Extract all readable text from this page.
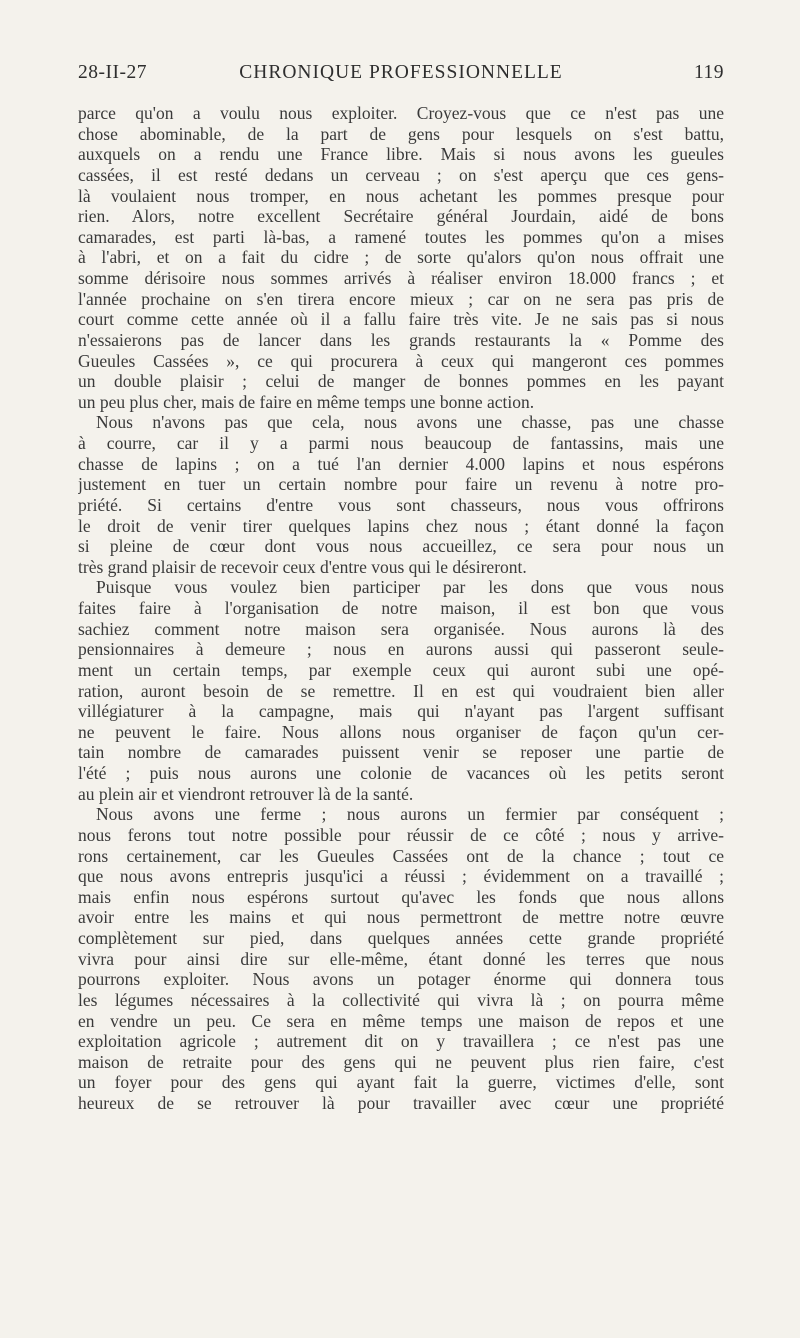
28-II-27	CHRONIQUE PROFESSIONNELLE	119
parce qu'on a voulu nous exploiter. Croyez-vous que ce n'est pas une
chose abominable, de la part de gens pour lesquels on s'est battu,
auxquels on a rendu une France libre. Mais si nous avons les gueules
cassées, il est resté dedans un cerveau ; on s'est aperçu que ces gens-
là voulaient nous tromper, en nous achetant les pommes presque pour
rien. Alors, notre excellent Secrétaire général Jourdain, aidé de bons
camarades, est parti là-bas, a ramené toutes les pommes qu'on a mises
à l'abri, et on a fait du cidre ; de sorte qu'alors qu'on nous offrait une
somme dérisoire nous sommes arrivés à réaliser environ 18.000 francs ; et
l'année prochaine on s'en tirera encore mieux ; car on ne sera pas pris de
court comme cette année où il a fallu faire très vite. Je ne sais pas si nous
n'essaierons pas de lancer dans les grands restaurants la « Pomme des
Gueules Cassées », ce qui procurera à ceux qui mangeront ces pommes
un double plaisir ; celui de manger de bonnes pommes en les payant
un peu plus cher, mais de faire en même temps une bonne action.
Nous n'avons pas que cela, nous avons une chasse, pas une chasse
à courre, car il y a parmi nous beaucoup de fantassins, mais une
chasse de lapins ; on a tué l'an dernier 4.000 lapins et nous espérons
justement en tuer un certain nombre pour faire un revenu à notre pro-
priété. Si certains d'entre vous sont chasseurs, nous vous offrirons
le droit de venir tirer quelques lapins chez nous ; étant donné la façon
si pleine de cœur dont vous nous accueillez, ce sera pour nous un
très grand plaisir de recevoir ceux d'entre vous qui le désireront.
Puisque vous voulez bien participer par les dons que vous nous
faites faire à l'organisation de notre maison, il est bon que vous
sachiez comment notre maison sera organisée. Nous aurons là des
pensionnaires à demeure ; nous en aurons aussi qui passeront seule-
ment un certain temps, par exemple ceux qui auront subi une opé-
ration, auront besoin de se remettre. Il en est qui voudraient bien aller
villégiaturer à la campagne, mais qui n'ayant pas l'argent suffisant
ne peuvent le faire. Nous allons nous organiser de façon qu'un cer-
tain nombre de camarades puissent venir se reposer une partie de
l'été ; puis nous aurons une colonie de vacances où les petits seront
au plein air et viendront retrouver là de la santé.
Nous avons une ferme ; nous aurons un fermier par conséquent ;
nous ferons tout notre possible pour réussir de ce côté ; nous y arrive-
rons certainement, car les Gueules Cassées ont de la chance ; tout ce
que nous avons entrepris jusqu'ici a réussi ; évidemment on a travaillé ;
mais enfin nous espérons surtout qu'avec les fonds que nous allons
avoir entre les mains et qui nous permettront de mettre notre œuvre
complètement sur pied, dans quelques années cette grande propriété
vivra pour ainsi dire sur elle-même, étant donné les terres que nous
pourrons exploiter. Nous avons un potager énorme qui donnera tous
les légumes nécessaires à la collectivité qui vivra là ; on pourra même
en vendre un peu. Ce sera en même temps une maison de repos et une
exploitation agricole ; autrement dit on y travaillera ; ce n'est pas une
maison de retraite pour des gens qui ne peuvent plus rien faire, c'est
un foyer pour des gens qui ayant fait la guerre, victimes d'elle, sont
heureux de se retrouver là pour travailler avec cœur une propriété
